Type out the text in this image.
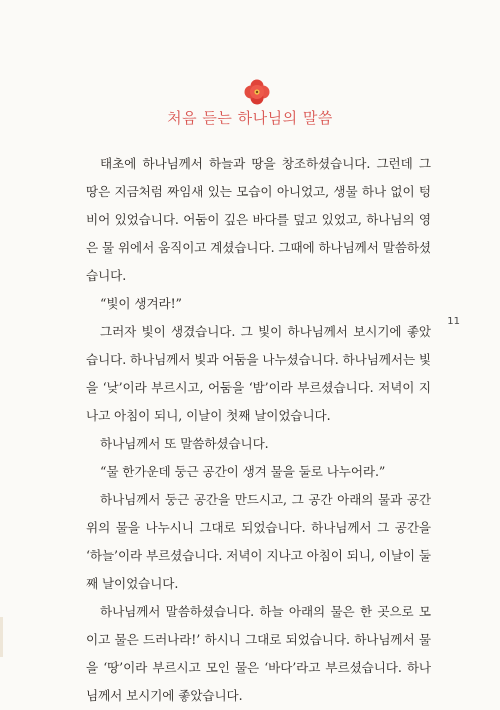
처음 듣는 하나님의 말씀

태초에 하나님께서 하늘과 땅을 창조하셨습니다. 그런데 그 땅은 지금처럼 짜임새 있는 모습이 아니었고, 생물 하나 없이 텅 비어 있었습니다. 어둠이 깊은 바다를 덮고 있었고, 하나님의 영은 물 위에서 움직이고 계셨습니다. 그때에 하나님께서 말씀하셨습니다.

“빛이 생겨라!”

그러자 빛이 생겼습니다. 그 빛이 하나님께서 보시기에 좋았습니다. 하나님께서 빛과 어둠을 나누셨습니다. 하나님께서는 빛을 ‘낮’이라 부르시고, 어둠을 ‘밤’이라 부르셨습니다. 저녁이 지나고 아침이 되니, 이날이 첫째 날이었습니다.

하나님께서 또 말씀하셨습니다.

“물 한가운데 둥근 공간이 생겨 물을 둘로 나누어라.”

하나님께서 둥근 공간을 만드시고, 그 공간 아래의 물과 공간 위의 물을 나누시니 그대로 되었습니다. 하나님께서 그 공간을 ‘하늘’이라 부르셨습니다. 저녁이 지나고 아침이 되니, 이날이 둘째 날이었습니다.

하나님께서 말씀하셨습니다. 하늘 아래의 물은 한 곳으로 모이고 물은 드러나라!’ 하시니 그대로 되었습니다. 하나님께서 물을 ‘땅’이라 부르시고 모인 물은 ‘바다’라고 부르셨습니다. 하나님께서 보시기에 좋았습니다.

11
